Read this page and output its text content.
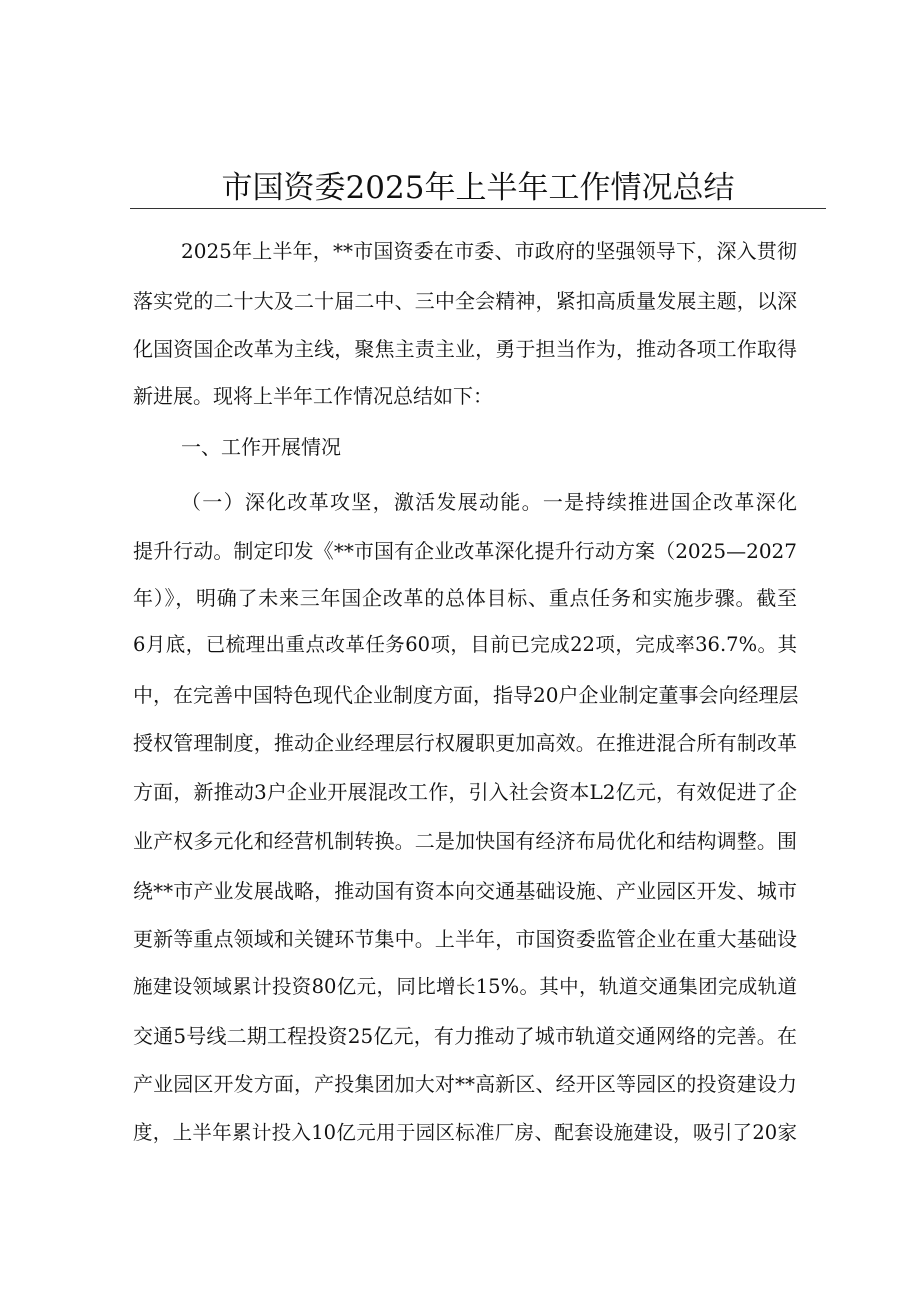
市国资委2025年上半年工作情况总结
2025年上半年，**市国资委在市委、市政府的坚强领导下，深入贯彻
落实党的二十大及二十届二中、三中全会精神，紧扣高质量发展主题，以深
化国资国企改革为主线，聚焦主责主业，勇于担当作为，推动各项工作取得
新进展。现将上半年工作情况总结如下：
一、工作开展情况
（一）深化改革攻坚，激活发展动能。一是持续推进国企改革深化
提升行动。制定印发《**市国有企业改革深化提升行动方案（2025—2027
年）》，明确了未来三年国企改革的总体目标、重点任务和实施步骤。截至
6月底，已梳理出重点改革任务60项，目前已完成22项，完成率36.7%。其
中，在完善中国特色现代企业制度方面，指导20户企业制定董事会向经理层
授权管理制度，推动企业经理层行权履职更加高效。在推进混合所有制改革
方面，新推动3户企业开展混改工作，引入社会资本L2亿元，有效促进了企
业产权多元化和经营机制转换。二是加快国有经济布局优化和结构调整。围
绕**市产业发展战略，推动国有资本向交通基础设施、产业园区开发、城市
更新等重点领域和关键环节集中。上半年，市国资委监管企业在重大基础设
施建设领域累计投资80亿元，同比增长15%。其中，轨道交通集团完成轨道
交通5号线二期工程投资25亿元，有力推动了城市轨道交通网络的完善。在
产业园区开发方面，产投集团加大对**高新区、经开区等园区的投资建设力
度，上半年累计投入10亿元用于园区标准厂房、配套设施建设，吸引了20家
